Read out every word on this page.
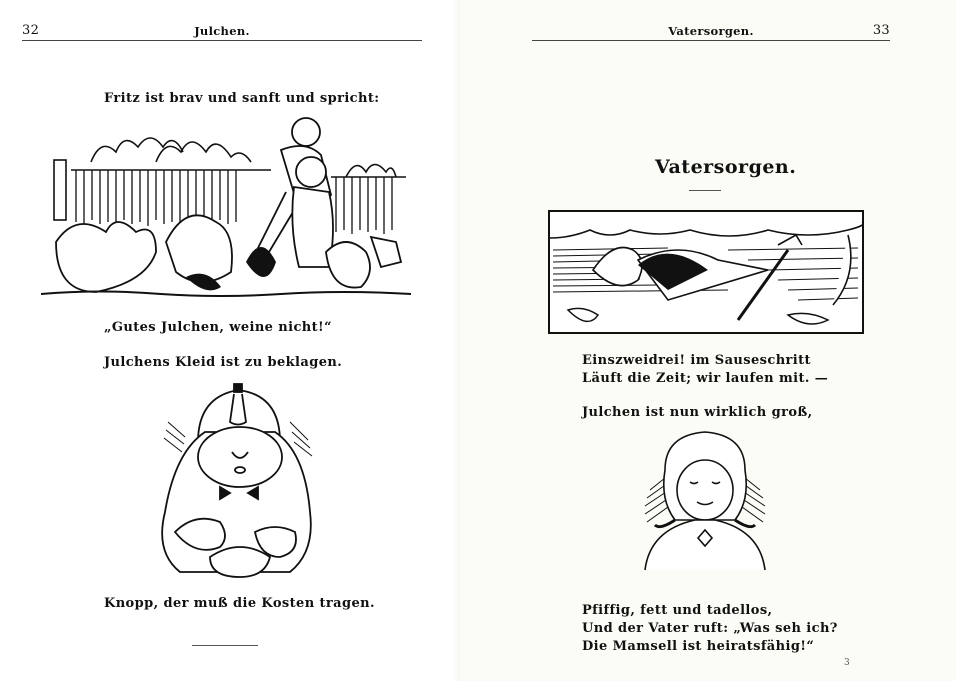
32	Julchen.
Fritz ist brav und sanft und spricht:
„Gutes Julchen, weine nicht!“
Julchens Kleid ist zu beklagen.
Knopp, der muß die Kosten tragen.
Vatersorgen.	33
Vatersorgen.
Einszweidrei! im Sauseschritt
Läuft die Zeit; wir laufen mit. —
Julchen ist nun wirklich groß,
Pfiffig, fett und tadellos,
Und der Vater ruft: „Was seh ich?
Die Mamsell ist heiratsfähig!“
3
